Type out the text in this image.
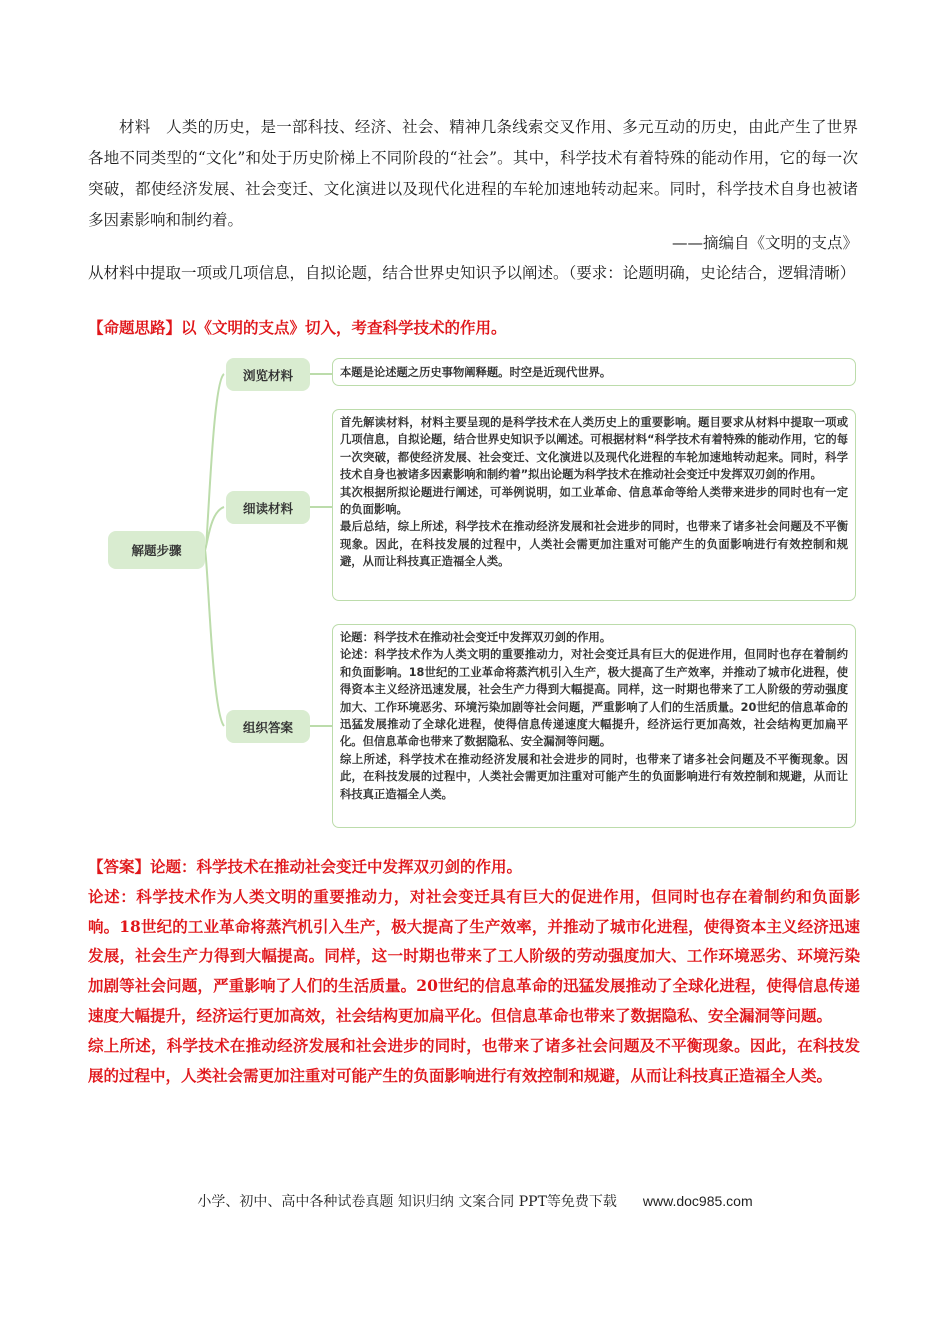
材料　人类的历史，是一部科技、经济、社会、精神几条线索交叉作用、多元互动的历史，由此产生了世界各地不同类型的“文化”和处于历史阶梯上不同阶段的“社会”。其中，科学技术有着特殊的能动作用，它的每一次突破，都使经济发展、社会变迁、文化演进以及现代化进程的车轮加速地转动起来。同时，科学技术自身也被诸多因素影响和制约着。
——摘编自《文明的支点》
从材料中提取一项或几项信息，自拟论题，结合世界史知识予以阐述。（要求：论题明确，史论结合，逻辑清晰）
【命题思路】以《文明的支点》切入，考查科学技术的作用。
解题步骤
浏览材料
细读材料
组织答案
本题是论述题之历史事物阐释题。时空是近现代世界。
首先解读材料，材料主要呈现的是科学技术在人类历史上的重要影响。题目要求从材料中提取一项或几项信息，自拟论题，结合世界史知识予以阐述。可根据材料“科学技术有着特殊的能动作用，它的每一次突破，都使经济发展、社会变迁、文化演进以及现代化进程的车轮加速地转动起来。同时，科学技术自身也被诸多因素影响和制约着”拟出论题为科学技术在推动社会变迁中发挥双刃剑的作用。
其次根据所拟论题进行阐述，可举例说明，如工业革命、信息革命等给人类带来进步的同时也有一定的负面影响。
最后总结，综上所述，科学技术在推动经济发展和社会进步的同时，也带来了诸多社会问题及不平衡现象。因此，在科技发展的过程中，人类社会需更加注重对可能产生的负面影响进行有效控制和规避，从而让科技真正造福全人类。
论题：科学技术在推动社会变迁中发挥双刃剑的作用。
论述：科学技术作为人类文明的重要推动力，对社会变迁具有巨大的促进作用，但同时也存在着制约和负面影响。18世纪的工业革命将蒸汽机引入生产，极大提高了生产效率，并推动了城市化进程，使得资本主义经济迅速发展，社会生产力得到大幅提高。同样，这一时期也带来了工人阶级的劳动强度加大、工作环境恶劣、环境污染加剧等社会问题，严重影响了人们的生活质量。20世纪的信息革命的迅猛发展推动了全球化进程，使得信息传递速度大幅提升，经济运行更加高效，社会结构更加扁平化。但信息革命也带来了数据隐私、安全漏洞等问题。
综上所述，科学技术在推动经济发展和社会进步的同时，也带来了诸多社会问题及不平衡现象。因此，在科技发展的过程中，人类社会需更加注重对可能产生的负面影响进行有效控制和规避，从而让科技真正造福全人类。

【答案】论题：科学技术在推动社会变迁中发挥双刃剑的作用。

论述：科学技术作为人类文明的重要推动力，对社会变迁具有巨大的促进作用，但同时也存在着制约和负面影响。18世纪的工业革命将蒸汽机引入生产，极大提高了生产效率，并推动了城市化进程，使得资本主义经济迅速发展，社会生产力得到大幅提高。同样，这一时期也带来了工人阶级的劳动强度加大、工作环境恶劣、环境污染加剧等社会问题，严重影响了人们的生活质量。20世纪的信息革命的迅猛发展推动了全球化进程，使得信息传递速度大幅提升，经济运行更加高效，社会结构更加扁平化。但信息革命也带来了数据隐私、安全漏洞等问题。

综上所述，科学技术在推动经济发展和社会进步的同时，也带来了诸多社会问题及不平衡现象。因此，在科技发展的过程中，人类社会需更加注重对可能产生的负面影响进行有效控制和规避，从而让科技真正造福全人类。

小学、初中、高中各种试卷真题 知识归纳 文案合同 PPT等免费下载 www.doc985.com
